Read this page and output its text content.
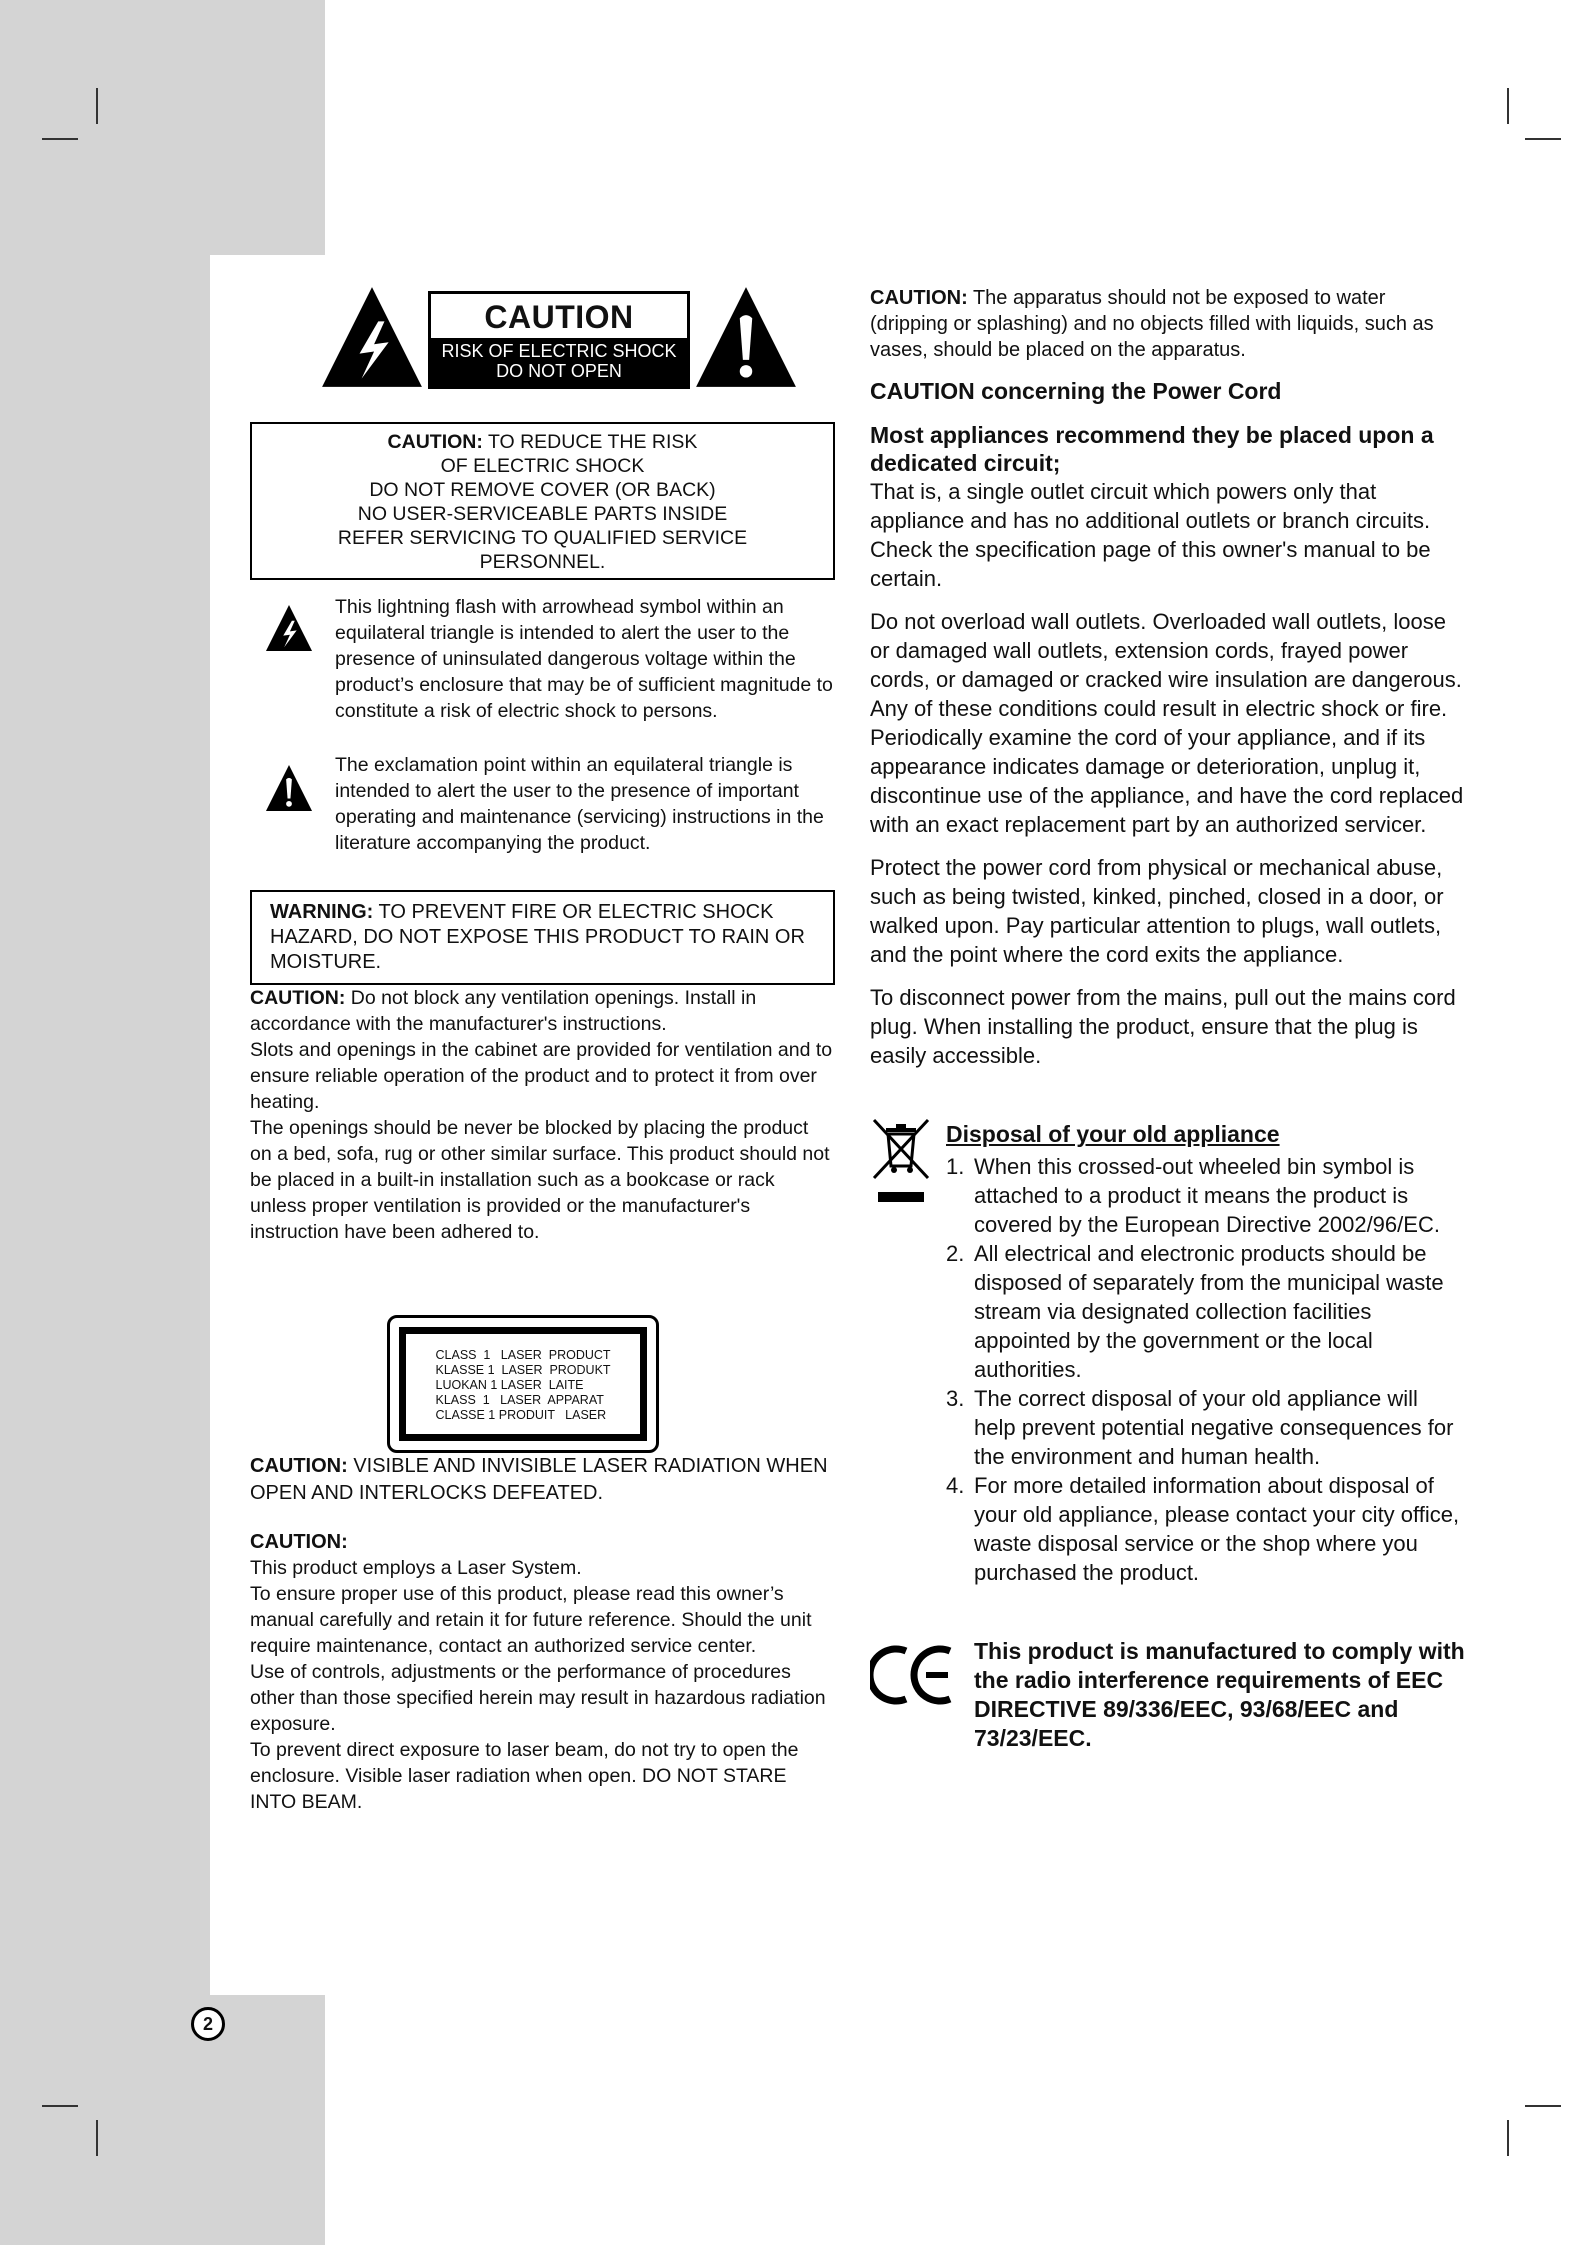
CAUTION
RISK OF ELECTRIC SHOCK
DO NOT OPEN
CAUTION: TO REDUCE THE RISK
OF ELECTRIC SHOCK
DO NOT REMOVE COVER (OR BACK)
NO USER-SERVICEABLE PARTS INSIDE
REFER SERVICING TO QUALIFIED SERVICE
PERSONNEL.
This lightning flash with arrowhead symbol within an equilateral triangle is intended to alert the user to the presence of uninsulated dangerous voltage within the product’s enclosure that may be of sufficient magnitude to constitute a risk of electric shock to persons.
The exclamation point within an equilateral triangle is intended to alert the user to the presence of important operating and maintenance (servicing) instructions in the literature accompanying the product.
WARNING: TO PREVENT FIRE OR ELECTRIC SHOCK HAZARD, DO NOT EXPOSE THIS PRODUCT TO RAIN OR MOISTURE.

CAUTION: Do not block any ventilation openings. Install in accordance with the manufacturer's instructions.

Slots and openings in the cabinet are provided for ventilation and to ensure reliable operation of the product and to protect it from over heating.

The openings should be never be blocked by placing the product on a bed, sofa, rug or other similar surface. This product should not be placed in a built-in installation such as a bookcase or rack unless proper ventilation is provided or the manufacturer's instruction have been adhered to.

CLASS  1   LASER  PRODUCT
KLASSE 1  LASER  PRODUKT
LUOKAN 1 LASER  LAITE
KLASS  1   LASER  APPARAT
CLASSE 1 PRODUIT   LASER

CAUTION: VISIBLE AND INVISIBLE LASER RADIATION WHEN OPEN AND INTERLOCKS DEFEATED.

CAUTION:

This product employs a Laser System.

To ensure proper use of this product, please read this owner’s manual carefully and retain it for future reference. Should the unit require maintenance, contact an authorized service center.

Use of controls, adjustments or the performance of procedures other than those specified herein may result in hazardous radiation exposure.

To prevent direct exposure to laser beam, do not try to open the enclosure. Visible laser radiation when open. DO NOT STARE INTO BEAM.

2

CAUTION: The apparatus should not be exposed to water (dripping or splashing) and no objects filled with liquids, such as vases, should be placed on the apparatus.

CAUTION concerning the Power Cord

Most appliances recommend they be placed upon a dedicated circuit;

That is, a single outlet circuit which powers only that appliance and has no additional outlets or branch circuits. Check the specification page of this owner's manual to be certain.

Do not overload wall outlets. Overloaded wall outlets, loose or damaged wall outlets, extension cords, frayed power cords, or damaged or cracked wire insulation are dangerous. Any of these conditions could result in electric shock or fire. Periodically examine the cord of your appliance, and if its appearance indicates damage or deterioration, unplug it, discontinue use of the appliance, and have the cord replaced with an exact replacement part by an authorized servicer.

Protect the power cord from physical or mechanical abuse, such as being twisted, kinked, pinched, closed in a door, or walked upon. Pay particular attention to plugs, wall outlets, and the point where the cord exits the appliance.

To disconnect power from the mains, pull out the mains cord plug. When installing the product, ensure that the plug is easily accessible.

Disposal of your old appliance
1. When this crossed-out wheeled bin symbol is attached to a product it means the product is covered by the European Directive 2002/96/EC.
2. All electrical and electronic products should be disposed of separately from the municipal waste stream via designated collection facilities appointed by the government or the local authorities.
3. The correct disposal of your old appliance will help prevent potential negative consequences for the environment and human health.
4. For more detailed information about disposal of your old appliance, please contact your city office, waste disposal service or the shop where you purchased the product.
This product is manufactured to comply with the radio interference requirements of EEC DIRECTIVE 89/336/EEC, 93/68/EEC and 73/23/EEC.
